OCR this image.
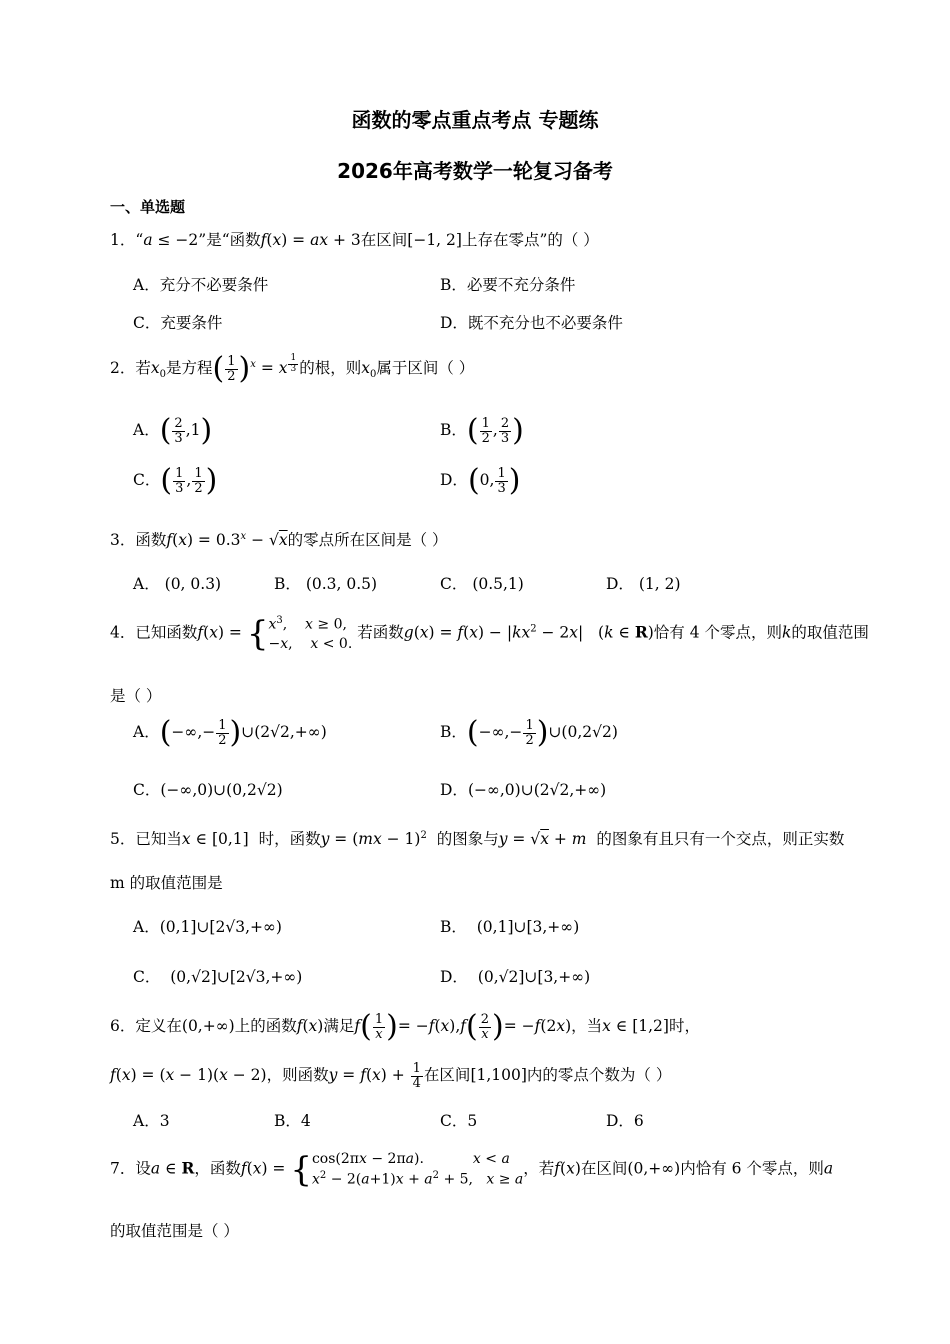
函数的零点重点考点 专题练
2026年高考数学一轮复习备考
一、单选题
1．“a ≤ −2”是“函数f(x) = ax + 3在区间[−1, 2]上存在零点”的（ ）
A．充分不必要条件	B．必要不充分条件
C．充要条件	D．既不充分也不必要条件
2．若$x_0$是方程( $\frac{1}{2} )^x = x$ $^{\frac{1}{3}}$ 的根，则$x_0$属于区间（ ）
A．( $\frac{2}{3} ,1$)	B．( $\frac{1}{2}$ , $\frac{2}{3}$ )
C．( $\frac{1}{3}$ , $\frac{1}{2}$ )	D．(0, $\frac{1}{3}$ )
3．函数$f(x) = 0.3^x - √x$的零点所在区间是（ ）
A． (0, 0.3)	B． (0.3, 0.5)	C． (0.5,1)	D． (1, 2)
4．已知函数$f(x) = \{x^3$,    x ≥ 0,
−x,    x < 0. 若函数$g(x) = f(x) - |kx^2 - 2x|$   (k ∈ R)恰有 4 个零点，则k的取值范围
是（ ）
A．(−∞,− $\frac{1}{2}$ )∪(2√2,+∞)	B．(−∞,− $\frac{1}{2}$ )∪(0,2√2)
C．(−∞,0)∪(0,2√2)	D．(−∞,0)∪(2√2,+∞)
5．已知当x ∈ [0,1]  时，函数y = (mx − 1)$^2$ 的图象与y = √x + m 的图象有且只有一个交点，则正实数
m 的取值范围是
A．(0,1]∪[2√3,+∞)	B．  (0,1]∪[3,+∞)
C．  (0,√2]∪[2√3,+∞)	D．  (0,√2]∪[3,+∞)
6．定义在(0,+∞)上的函数f(x)满足$f( \frac{1}{x}$ )= $-f(x),f( \frac{2}{x}$ )= −f(2x)，当x ∈ [1,2]时，
f(x) = (x − 1)(x − 2)，则函数$y = f(x) + \frac{1}{4}$ 在区间[1,100]内的零点个数为（ ）
A．3	B．4	C．5	D．6
7．设a ∈ R，函数f(x) = {cos(2πx − 2πa).           x < a
$x^2 - 2(a+1)x + a^2 + 5$,   x ≥ a，若f(x)在区间(0,+∞)内恰有 6 个零点，则a
的取值范围是（ ）
